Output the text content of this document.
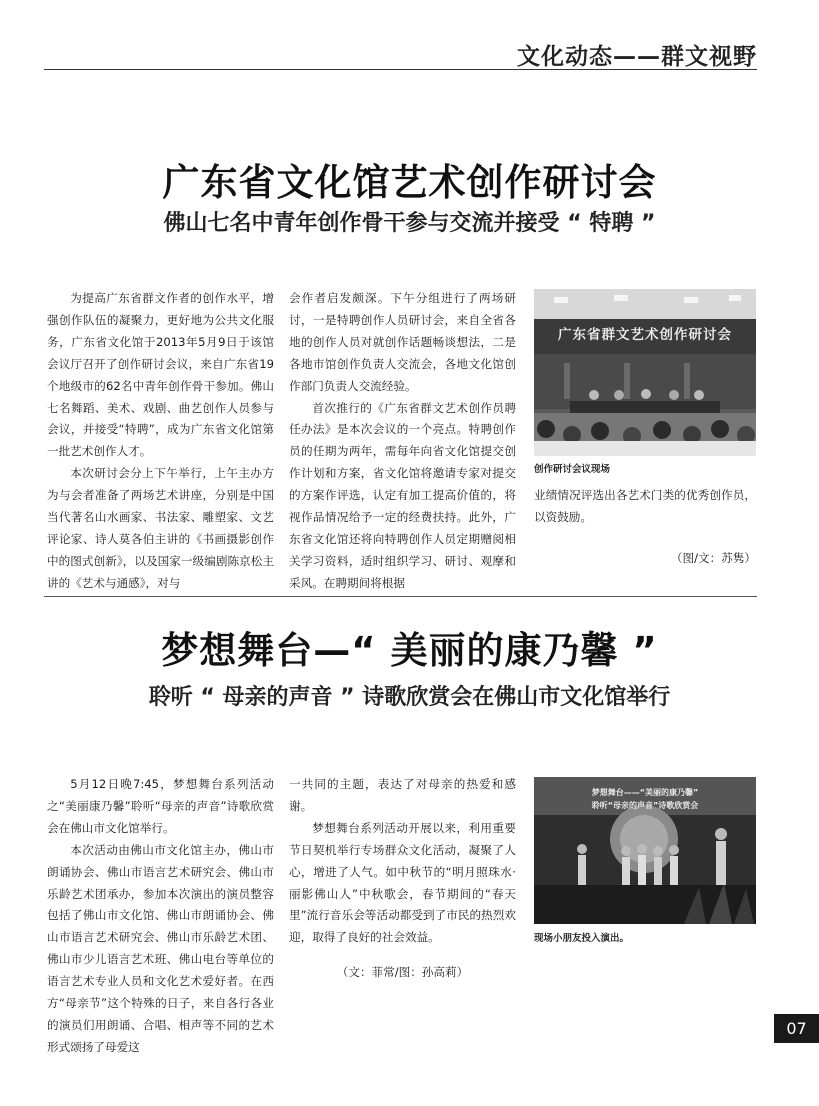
文化动态——群文视野
广东省文化馆艺术创作研讨会
佛山七名中青年创作骨干参与交流并接受 “ 特聘 ”

为提高广东省群文作者的创作水平，增强创作队伍的凝聚力，更好地为公共文化服务，广东省文化馆于2013年5月9日于该馆会议厅召开了创作研讨会议，来自广东省19个地级市的62名中青年创作骨干参加。佛山七名舞蹈、美术、戏剧、曲艺创作人员参与会议，并接受“特聘”，成为广东省文化馆第一批艺术创作人才。

本次研讨会分上下午举行，上午主办方为与会者准备了两场艺术讲座，分别是中国当代著名山水画家、书法家、雕塑家、文艺评论家、诗人莫各伯主讲的《书画摄影创作中的图式创新》，以及国家一级编剧陈京松主讲的《艺术与通感》，对与

会作者启发颇深。下午分组进行了两场研讨，一是特聘创作人员研讨会，来自全省各地的创作人员对就创作话题畅谈想法，二是各地市馆创作负责人交流会，各地文化馆创作部门负责人交流经验。

首次推行的《广东省群文艺术创作员聘任办法》是本次会议的一个亮点。特聘创作员的任期为两年，需每年向省文化馆提交创作计划和方案，省文化馆将邀请专家对提交的方案作评选，认定有加工提高价值的，将视作品情况给予一定的经费扶持。此外，广东省文化馆还将向特聘创作人员定期赠阅相关学习资料，适时组织学习、研讨、观摩和采风。在聘期间将根据

广东省群文艺术创作研讨会
创作研讨会议现场

业绩情况评选出各艺术门类的优秀创作员，以资鼓励。

（图/文：苏隽）
梦想舞台—“ 美丽的康乃馨 ”
聆听 “ 母亲的声音 ” 诗歌欣赏会在佛山市文化馆举行

5月12日晚7:45，梦想舞台系列活动之“美丽康乃馨”聆听“母亲的声音”诗歌欣赏会在佛山市文化馆举行。

本次活动由佛山市文化馆主办，佛山市朗诵协会、佛山市语言艺术研究会、佛山市乐龄艺术团承办，参加本次演出的演员整容包括了佛山市文化馆、佛山市朗诵协会、佛山市语言艺术研究会、佛山市乐龄艺术团、佛山市少儿语言艺术班、佛山电台等单位的语言艺术专业人员和文化艺术爱好者。在西方“母亲节”这个特殊的日子，来自各行各业的演员们用朗诵、合唱、相声等不同的艺术形式颂扬了母爱这

一共同的主题，表达了对母亲的热爱和感谢。

梦想舞台系列活动开展以来，利用重要节日契机举行专场群众文化活动，凝聚了人心，增进了人气。如中秋节的“明月照珠水·丽影佛山人”中秋歌会，春节期间的“春天里”流行音乐会等活动都受到了市民的热烈欢迎，取得了良好的社会效益。

（文：菲常/图：孙高莉）
梦想舞台——“美丽的康乃馨”
聆听“母亲的声音”诗歌欣赏会
现场小朋友投入演出。
07
